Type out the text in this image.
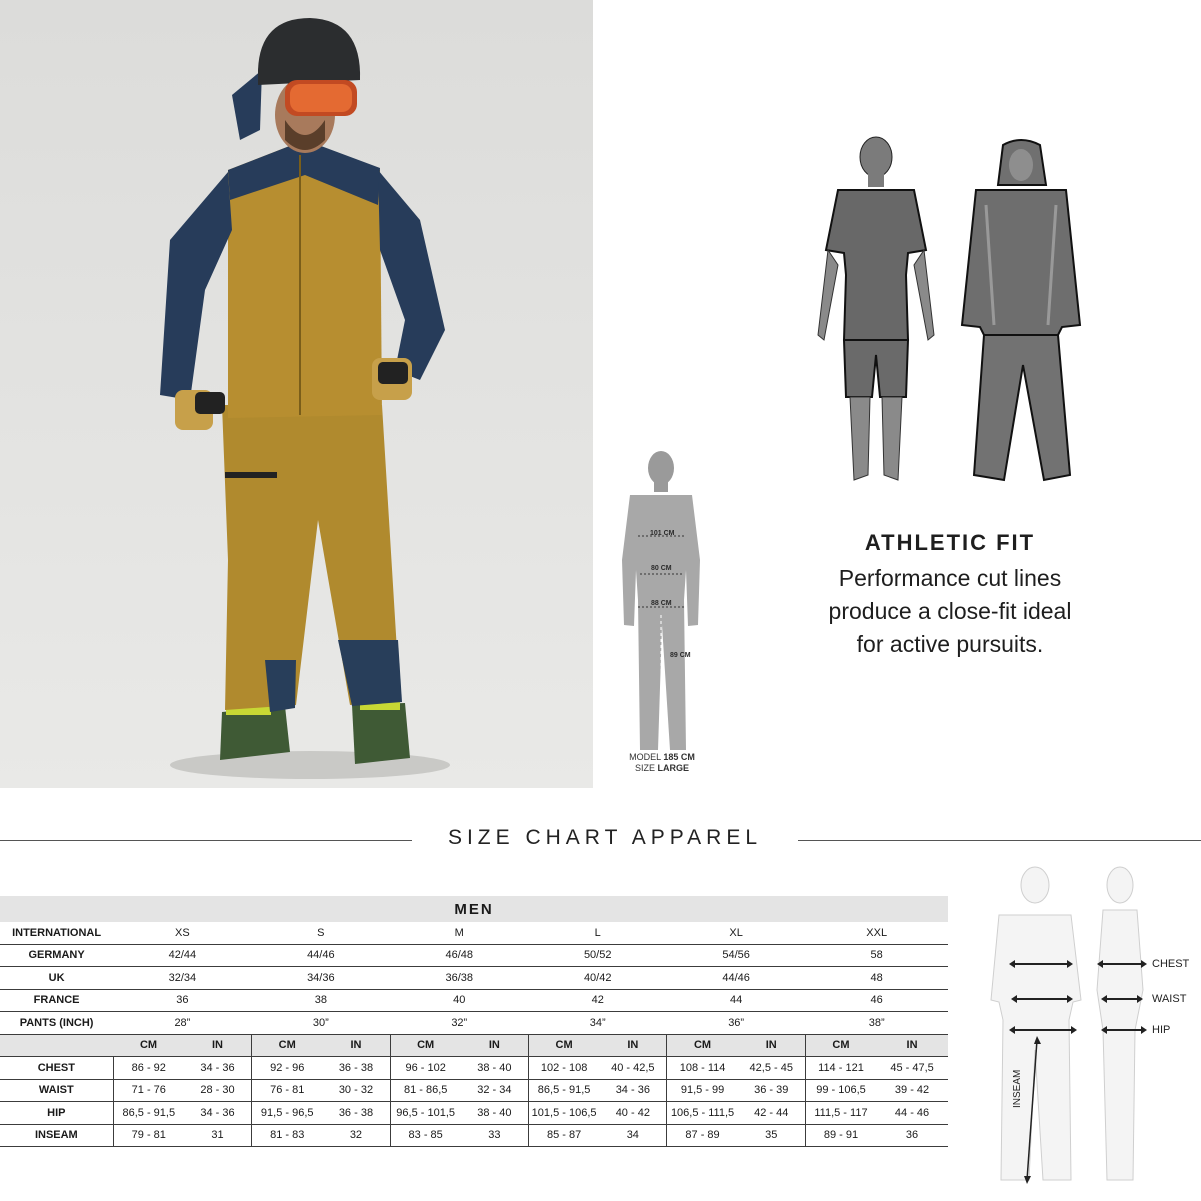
101 CM
80 CM
88 CM
89 CM
MODEL 185 CM
SIZE LARGE
ATHLETIC FIT
Performance cut lines
produce a close-fit ideal
for active pursuits.
SIZE CHART APPAREL
MEN												
INTERNATIONAL	XS		S		M		L		XL		XXL	
GERMANY	42/44		44/46		46/48		50/52		54/56		58	
UK	32/34		34/36		36/38		40/42		44/46		48	
FRANCE	36		38		40		42		44		46	
PANTS (INCH)	28”		30”		32”		34”		36”		38”	
	CM	IN	CM	IN	CM	IN	CM	IN	CM	IN	CM	IN
CHEST	86 - 92	34 - 36	92 - 96	36 - 38	96 - 102	38 - 40	102 - 108	40 - 42,5	108 - 114	42,5 - 45	114 - 121	45 - 47,5
WAIST	71 - 76	28 - 30	76 - 81	30 - 32	81 - 86,5	32 - 34	86,5 - 91,5	34 - 36	91,5 - 99	36 - 39	99 - 106,5	39 - 42
HIP	86,5 - 91,5	34 - 36	91,5 - 96,5	36 - 38	96,5 - 101,5	38 - 40	101,5 - 106,5	40 - 42	106,5 - 111,5	42 - 44	111,5 - 117	44 - 46
INSEAM	79 - 81	31	81 - 83	32	83 - 85	33	85 - 87	34	87 - 89	35	89 - 91	36
CHEST
WAIST
HIP
INSEAM
